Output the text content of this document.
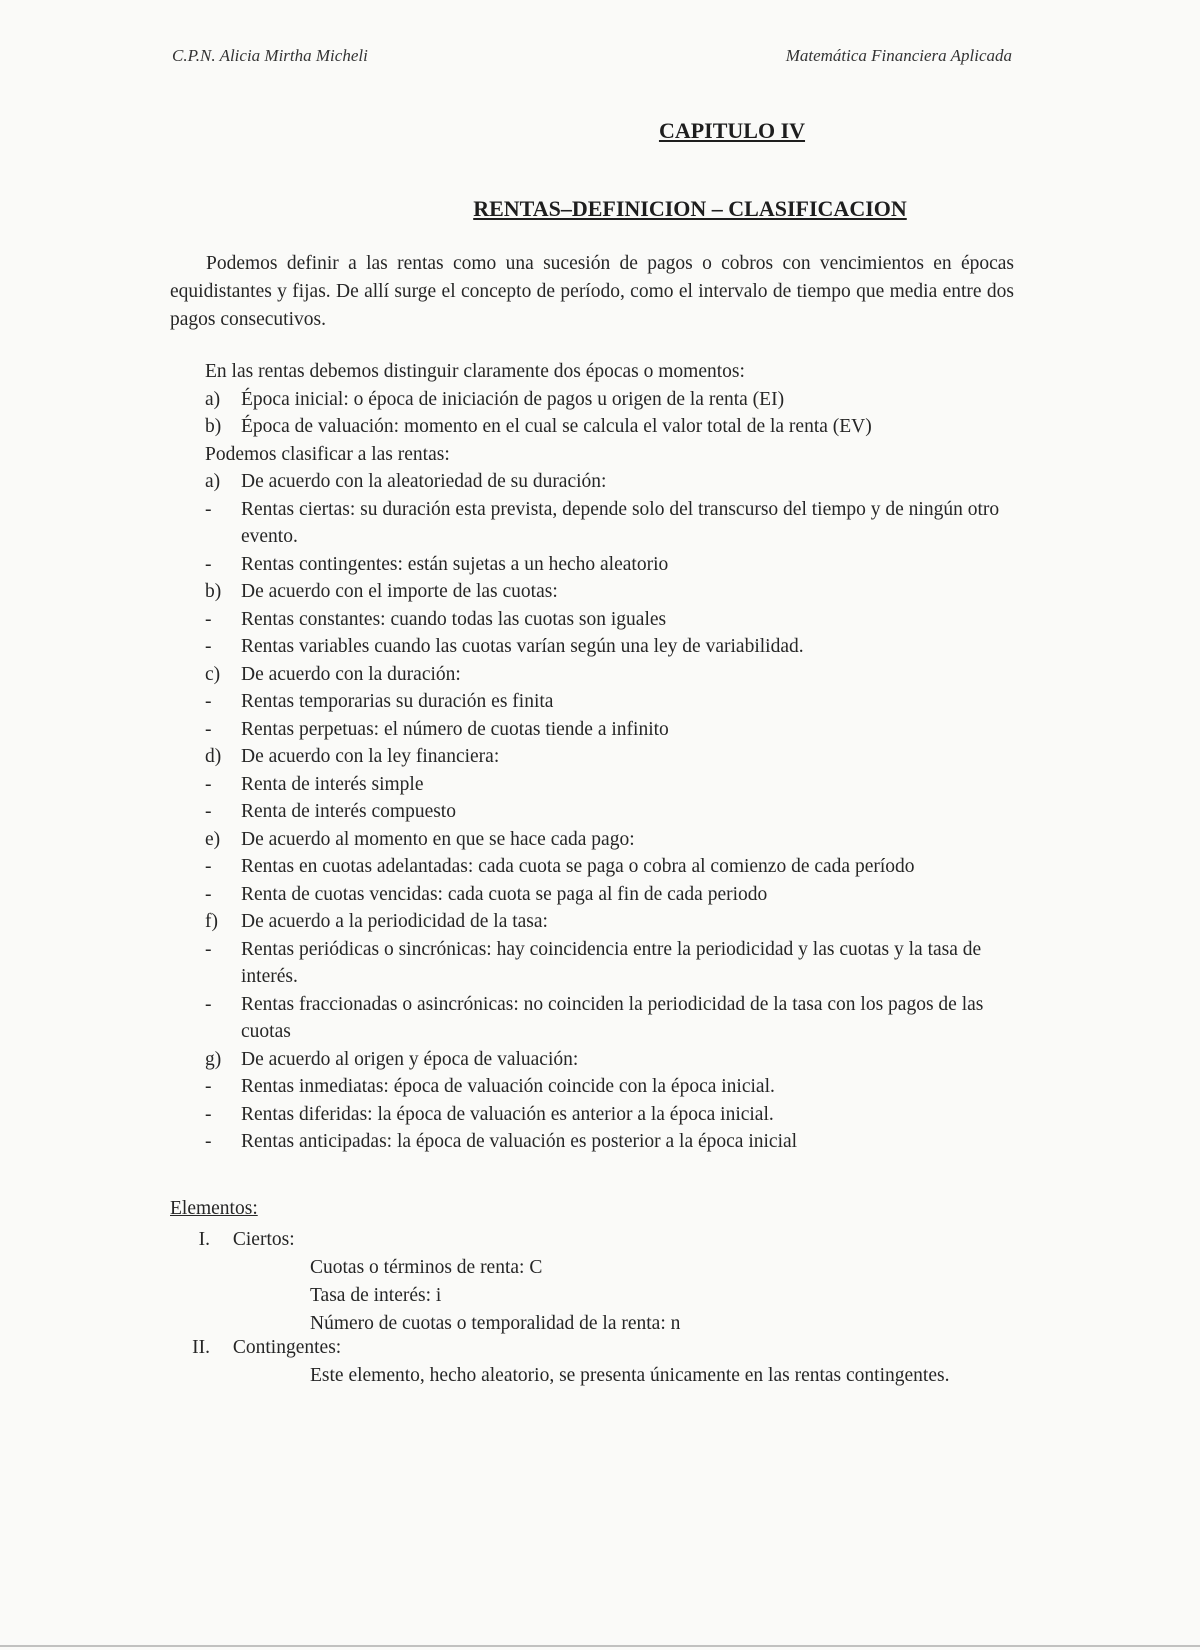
C.P.N. Alicia Mirtha Micheli	Matemática Financiera Aplicada
CAPITULO IV
RENTAS–DEFINICION – CLASIFICACION
Podemos definir a las rentas como una sucesión de pagos o cobros con vencimientos en épocas equidistantes y fijas. De allí surge el concepto de período, como el intervalo de tiempo que media entre dos pagos consecutivos.
En las rentas debemos distinguir claramente dos épocas o momentos:
a)	Época inicial: o época de iniciación de pagos u origen de la renta (EI)
b)	Época de valuación: momento en el cual se calcula el valor total de la renta (EV)
Podemos clasificar a las rentas:
a)	De acuerdo con la aleatoriedad de su duración:
-	Rentas ciertas: su duración esta prevista, depende solo del transcurso del tiempo y de ningún otro evento.
-	Rentas contingentes: están sujetas a un hecho aleatorio
b)	De acuerdo con el importe de las cuotas:
-	Rentas constantes: cuando todas las cuotas son iguales
-	Rentas variables cuando las cuotas varían según una ley de variabilidad.
c)	De acuerdo con la duración:
-	Rentas temporarias su duración es finita
-	Rentas perpetuas: el número de cuotas tiende a infinito
d)	De acuerdo con la ley financiera:
-	Renta de interés simple
-	Renta de interés compuesto
e)	De acuerdo al momento en que se hace cada pago:
-	Rentas en cuotas adelantadas: cada cuota se paga o cobra al comienzo de cada período
-	Renta de cuotas vencidas: cada cuota se paga al fin de cada periodo
f)	De acuerdo a la periodicidad de la tasa:
-	Rentas periódicas o sincrónicas: hay coincidencia entre la periodicidad y las cuotas y la tasa de interés.
-	Rentas fraccionadas o asincrónicas: no coinciden la periodicidad de la tasa con los pagos de las cuotas
g)	De acuerdo al origen y época de valuación:
-	Rentas inmediatas: época de valuación coincide con la época inicial.
-	Rentas diferidas: la época de valuación es anterior a la época inicial.
-	Rentas anticipadas: la época de valuación es posterior a la época inicial
Elementos:
I. Ciertos:
Cuotas o términos de renta: C
Tasa de interés: i
Número de cuotas o temporalidad de la renta: n
II. Contingentes:
Este elemento, hecho aleatorio, se presenta únicamente en las rentas contingentes.
